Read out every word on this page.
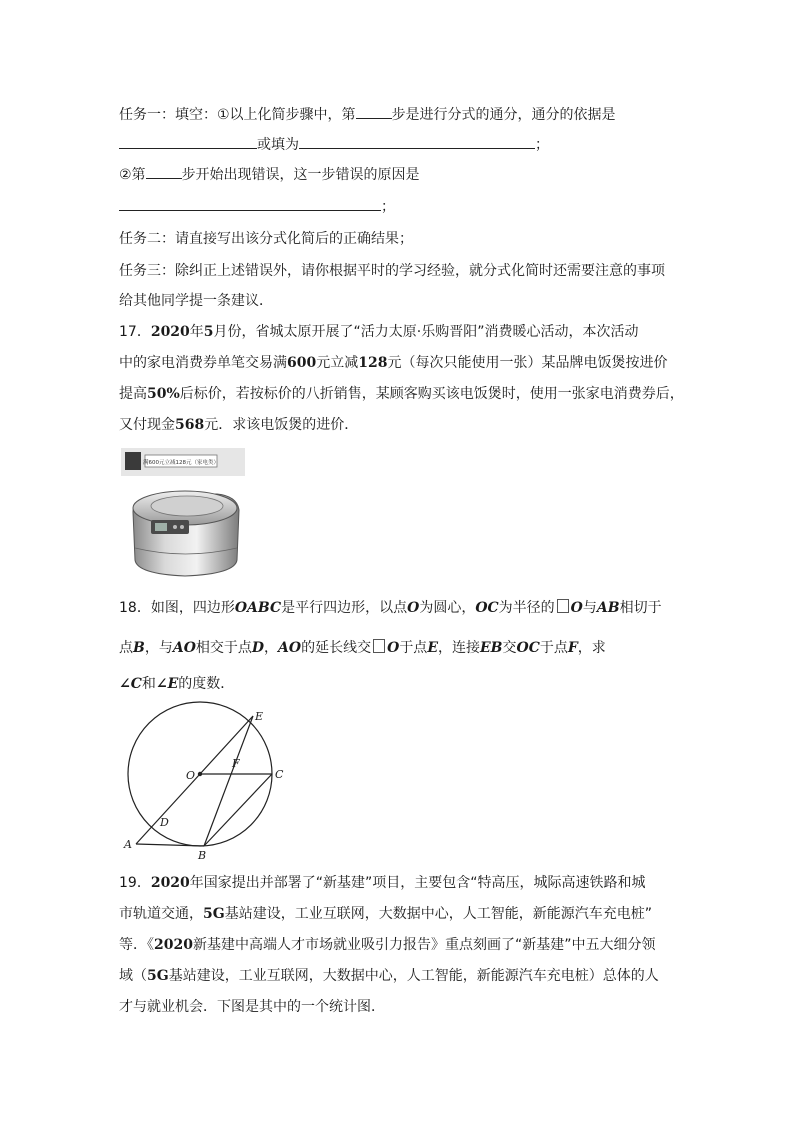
任务一：填空：①以上化简步骤中，第	步是进行分式的通分，通分的依据是
或填为	；
②第	步开始出现错误，这一步错误的原因是
；
任务二：请直接写出该分式化简后的正确结果；
任务三：除纠正上述错误外，请你根据平时的学习经验，就分式化简时还需要注意的事项
给其他同学提一条建议．
17．2020年5月份，省城太原开展了“活力太原·乐购晋阳”消费暖心活动，本次活动
中的家电消费券单笔交易满600元立减128元（每次只能使用一张）某品牌电饭煲按进价
提高50%后标价，若按标价的八折销售，某顾客购买该电饭煲时，使用一张家电消费券后，
又付现金568元．求该电饭煲的进价．
满600元立减128元（家电类）
18．如图，四边形OABC是平行四边形，以点O为圆心，OC为半径的 O与AB相切于
点B，与AO相交于点D，AO的延长线交 O于点E，连接EB交OC于点F，求
∠C和∠E的度数．
E
O
F
C
D
A
B
19．2020年国家提出并部署了“新基建”项目，主要包含“特高压，城际高速铁路和城
市轨道交通，5G基站建设，工业互联网，大数据中心，人工智能，新能源汽车充电桩”
等．《2020新基建中高端人才市场就业吸引力报告》重点刻画了“新基建”中五大细分领
域（5G基站建设，工业互联网，大数据中心，人工智能，新能源汽车充电桩）总体的人
才与就业机会．下图是其中的一个统计图．
